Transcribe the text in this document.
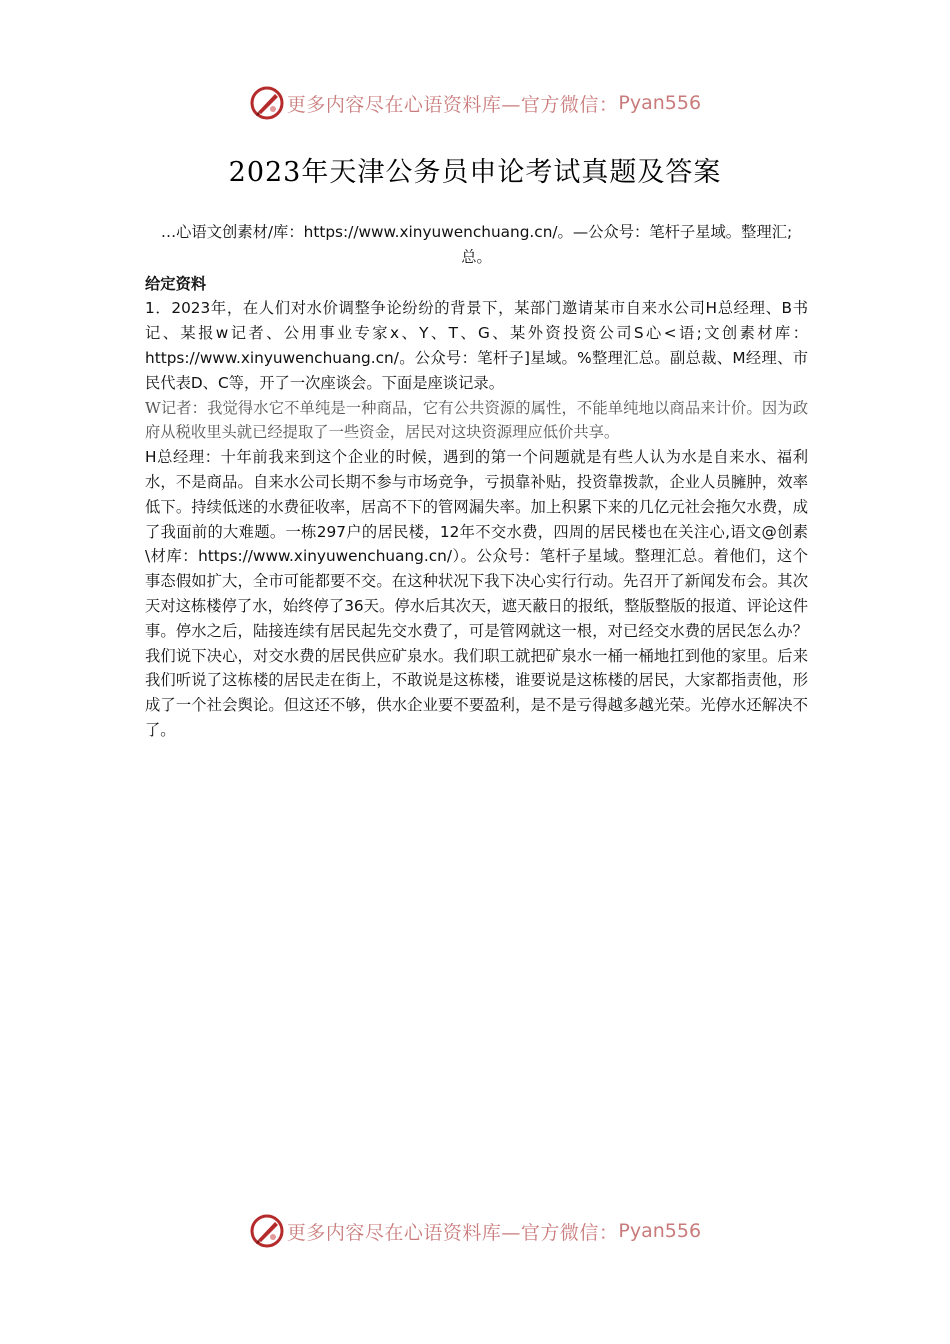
更多内容尽在心语资料库—官方微信： Pyan556
2023年天津公务员申论考试真题及答案
…心语文创素材/库：https://www.xinyuwenchuang.cn/。—公众号：笔杆子星域。整理汇;总。
给定资料
1．2023年，在人们对水价调整争论纷纷的背景下，某部门邀请某市自来水公司H总经理、B书记、某报w记者、公用事业专家x、Y、T、G、某外资投资公司S心<语;文创素材库：https://www.xinyuwenchuang.cn/。公众号：笔杆子]星域。%整理汇总。副总裁、M经理、市民代表D、C等，开了一次座谈会。下面是座谈记录。
W记者：我觉得水它不单纯是一种商品，它有公共资源的属性，不能单纯地以商品来计价。因为政府从税收里头就已经提取了一些资金，居民对这块资源理应低价共享。
H总经理：十年前我来到这个企业的时候，遇到的第一个问题就是有些人认为水是自来水、福利水，不是商品。自来水公司长期不参与市场竞争，亏损靠补贴，投资靠拨款，企业人员臃肿，效率低下。持续低迷的水费征收率，居高不下的管网漏失率。加上积累下来的几亿元社会拖欠水费，成了我面前的大难题。一栋297户的居民楼，12年不交水费，四周的居民楼也在关注心,语文@创素\材库：https://www.xinyuwenchuang.cn/）。公众号：笔杆子星域。整理汇总。着他们，这个事态假如扩大，全市可能都要不交。在这种状况下我下决心实行行动。先召开了新闻发布会。其次天对这栋楼停了水，始终停了36天。停水后其次天，遮天蔽日的报纸，整版整版的报道、评论这件事。停水之后，陆接连续有居民起先交水费了，可是管网就这一根，对已经交水费的居民怎么办？我们说下决心，对交水费的居民供应矿泉水。我们职工就把矿泉水一桶一桶地扛到他的家里。后来我们听说了这栋楼的居民走在街上，不敢说是这栋楼，谁要说是这栋楼的居民，大家都指责他，形成了一个社会舆论。但这还不够，供水企业要不要盈利，是不是亏得越多越光荣。光停水还解决不了。
更多内容尽在心语资料库—官方微信： Pyan556
